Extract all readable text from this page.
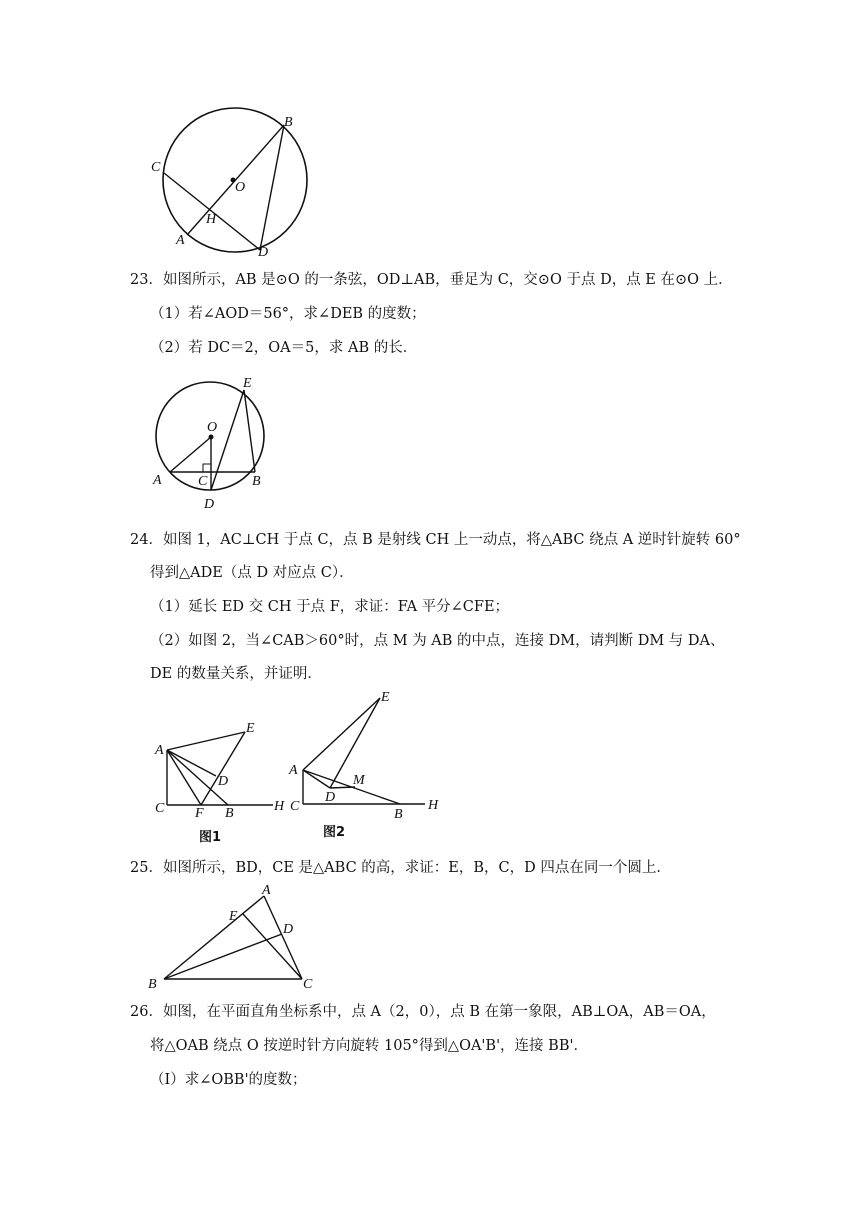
B
C
O
H
A
D
23．如图所示，AB 是⊙O 的一条弦，OD⊥AB，垂足为 C，交⊙O 于点 D，点 E 在⊙O 上．
（1）若∠AOD＝56°，求∠DEB 的度数；
（2）若 DC＝2，OA＝5，求 AB 的长．
E
O
A	C	B
D
24．如图 1，AC⊥CH 于点 C，点 B 是射线 CH 上一动点，将△ABC 绕点 A 逆时针旋转 60°
得到△ADE（点 D 对应点 C）．
（1）延长 ED 交 CH 于点 F，求证：FA 平分∠CFE；
（2）如图 2，当∠CAB＞60°时，点 M 为 AB 的中点，连接 DM，请判断 DM 与 DA、
DE 的数量关系，并证明．
A
E
D
C F B	H
图1
E
A
M
D
C
B
H
图2
25．如图所示，BD，CE 是△ABC 的高，求证：E，B，C，D 四点在同一个圆上．
A
E
D
B	C
26．如图，在平面直角坐标系中，点 A（2，0），点 B 在第一象限，AB⊥OA，AB＝OA，
将△OAB 绕点 O 按逆时针方向旋转 105°得到△OA'B'，连接 BB'．
（Ⅰ）求∠OBB'的度数；
